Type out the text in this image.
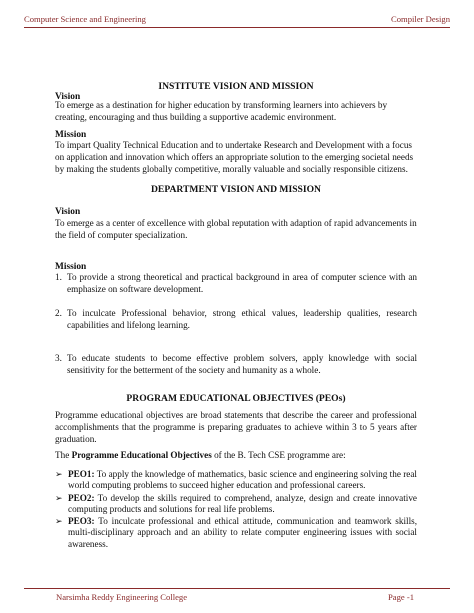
Computer Science and Engineering	Compiler Design
INSTITUTE VISION AND MISSION
Vision
To emerge as a destination for higher education by transforming learners into achievers by creating, encouraging and thus building a supportive academic environment.
Mission
To impart Quality Technical Education and to undertake Research and Development with a focus on application and innovation which offers an appropriate solution to the emerging societal needs by making the students globally competitive, morally valuable and socially responsible citizens.
DEPARTMENT VISION AND MISSION
Vision
To emerge as a center of excellence with global reputation with adaption of rapid advancements in the field of computer specialization.
Mission
1. To provide a strong theoretical and practical background in area of computer science with an emphasize on software development.
2. To inculcate Professional behavior, strong ethical values, leadership qualities, research capabilities and lifelong learning.
3. To educate students to become effective problem solvers, apply knowledge with social sensitivity for the betterment of the society and humanity as a whole.
PROGRAM EDUCATIONAL OBJECTIVES (PEOs)
Programme educational objectives are broad statements that describe the career and professional accomplishments that the programme is preparing graduates to achieve within 3 to 5 years after graduation.
The Programme Educational Objectives of the B. Tech CSE programme are:
➢ PEO1: To apply the knowledge of mathematics, basic science and engineering solving the real world computing problems to succeed higher education and professional careers.
➢ PEO2: To develop the skills required to comprehend, analyze, design and create innovative computing products and solutions for real life problems.
➢ PEO3: To inculcate professional and ethical attitude, communication and teamwork skills, multi-disciplinary approach and an ability to relate computer engineering issues with social awareness.
Narsimha Reddy Engineering College	Page -1
